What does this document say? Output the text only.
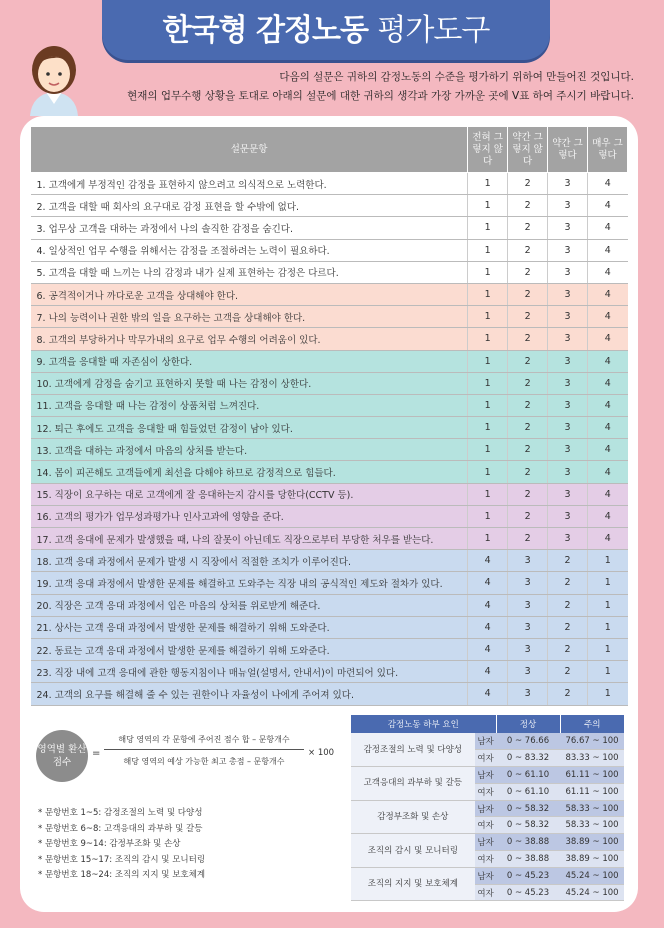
한국형 감정노동 평가도구
다음의 설문은 귀하의 감정노동의 수준을 평가하기 위하여 만들어진 것입니다.
현재의 업무수행 상황을 토대로 아래의 설문에 대한 귀하의 생각과 가장 가까운 곳에 V표 하여 주시기 바랍니다.
설문문항	전혀 그렇지 않다	약간 그렇지 않다	약간 그렇다	매우 그렇다
1. 고객에게 부정적인 감정을 표현하지 않으려고 의식적으로 노력한다.	1	2	3	4
2. 고객을 대할 때 회사의 요구대로 감정 표현을 할 수밖에 없다.	1	2	3	4
3. 업무상 고객을 대하는 과정에서 나의 솔직한 감정을 숨긴다.	1	2	3	4
4. 일상적인 업무 수행을 위해서는 감정을 조절하려는 노력이 필요하다.	1	2	3	4
5. 고객을 대할 때 느끼는 나의 감정과 내가 실제 표현하는 감정은 다르다.	1	2	3	4
6. 공격적이거나 까다로운 고객을 상대해야 한다.	1	2	3	4
7. 나의 능력이나 권한 밖의 일을 요구하는 고객을 상대해야 한다.	1	2	3	4
8. 고객의 부당하거나 막무가내의 요구로 업무 수행의 어려움이 있다.	1	2	3	4
9. 고객을 응대할 때 자존심이 상한다.	1	2	3	4
10. 고객에게 감정을 숨기고 표현하지 못할 때 나는 감정이 상한다.	1	2	3	4
11. 고객을 응대할 때 나는 감정이 상품처럼 느껴진다.	1	2	3	4
12. 퇴근 후에도 고객을 응대할 때 힘들었던 감정이 남아 있다.	1	2	3	4
13. 고객을 대하는 과정에서 마음의 상처를 받는다.	1	2	3	4
14. 몸이 피곤해도 고객들에게 최선을 다해야 하므로 감정적으로 힘들다.	1	2	3	4
15. 직장이 요구하는 대로 고객에게 잘 응대하는지 감시를 당한다(CCTV 등).	1	2	3	4
16. 고객의 평가가 업무성과평가나 인사고과에 영향을 준다.	1	2	3	4
17. 고객 응대에 문제가 발생했을 때, 나의 잘못이 아닌데도 직장으로부터 부당한 처우를 받는다.	1	2	3	4
18. 고객 응대 과정에서 문제가 발생 시 직장에서 적절한 조치가 이루어진다.	4	3	2	1
19. 고객 응대 과정에서 발생한 문제를 해결하고 도와주는 직장 내의 공식적인 제도와 절차가 있다.	4	3	2	1
20. 직장은 고객 응대 과정에서 입은 마음의 상처를 위로받게 해준다.	4	3	2	1
21. 상사는 고객 응대 과정에서 발생한 문제를 해결하기 위해 도와준다.	4	3	2	1
22. 동료는 고객 응대 과정에서 발생한 문제를 해결하기 위해 도와준다.	4	3	2	1
23. 직장 내에 고객 응대에 관한 행동지침이나 매뉴얼(설명서, 안내서)이 마련되어 있다.	4	3	2	1
24. 고객의 요구를 해결해 줄 수 있는 권한이나 자율성이 나에게 주어져 있다.	4	3	2	1
영역별 환산점수
=
해당 영역의 각 문항에 주어진 점수 합 – 문항개수
해당 영역의 예상 가능한 최고 총점 – 문항개수
× 100
* 문항번호 1~5: 감정조절의 노력 및 다양성
* 문항번호 6~8: 고객응대의 과부하 및 갈등
* 문항번호 9~14: 감정부조화 및 손상
* 문항번호 15~17: 조직의 감시 및 모니터링
* 문항번호 18~24: 조직의 지지 및 보호체계
감정노동 하부 요인		정상	주의
감정조절의 노력 및 다양성	남자	0 ~ 76.66	76.67 ~ 100
	여자	0 ~ 83.32	83.33 ~ 100
고객응대의 과부하 및 갈등	남자	0 ~ 61.10	61.11 ~ 100
	여자	0 ~ 61.10	61.11 ~ 100
감정부조화 및 손상	남자	0 ~ 58.32	58.33 ~ 100
	여자	0 ~ 58.32	58.33 ~ 100
조직의 감시 및 모니터링	남자	0 ~ 38.88	38.89 ~ 100
	여자	0 ~ 38.88	38.89 ~ 100
조직의 지지 및 보호체계	남자	0 ~ 45.23	45.24 ~ 100
	여자	0 ~ 45.23	45.24 ~ 100
